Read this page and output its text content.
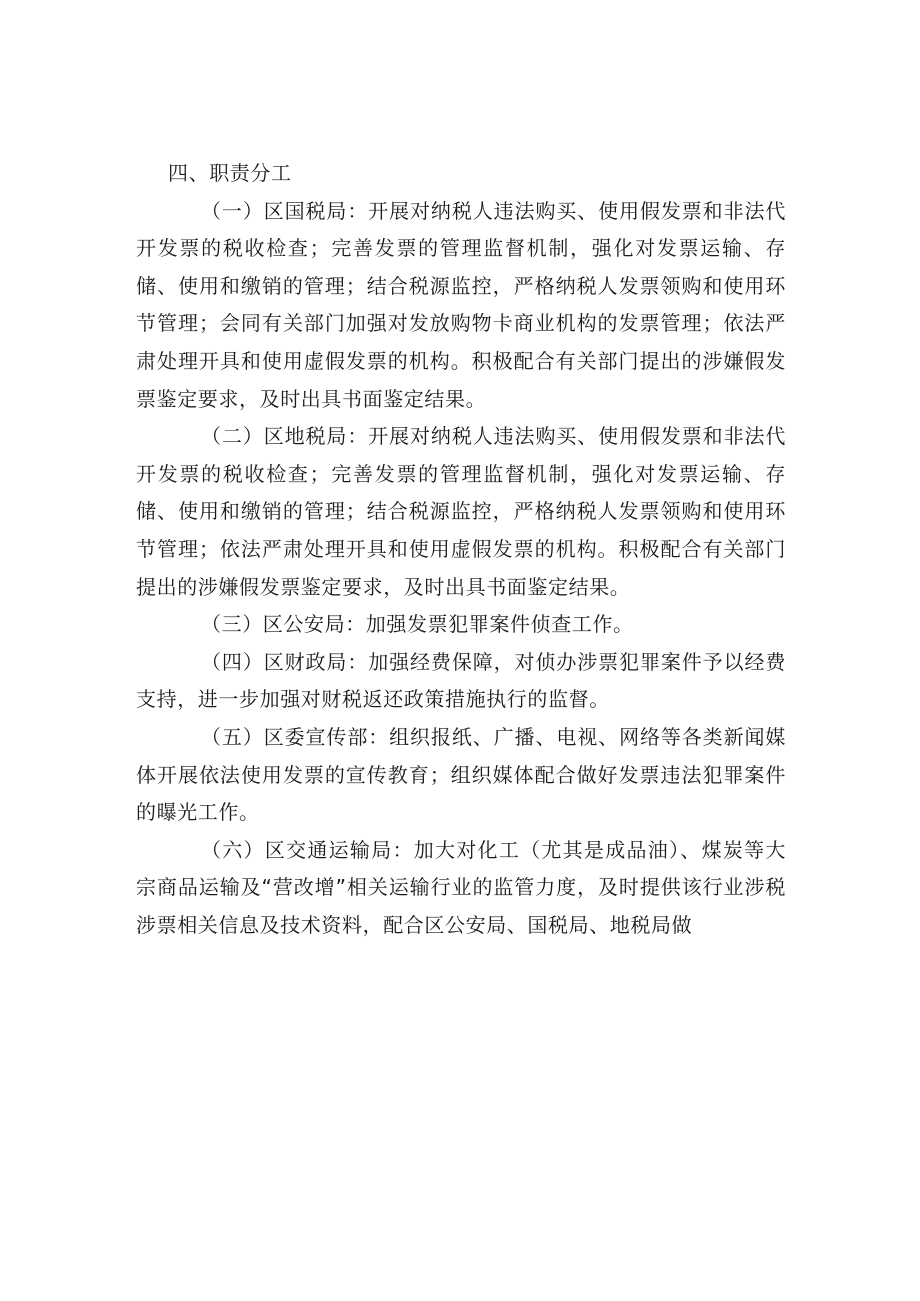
四、职责分工

（一）区国税局：开展对纳税人违法购买、使用假发票和非法代开发票的税收检查；完善发票的管理监督机制，强化对发票运输、存储、使用和缴销的管理；结合税源监控，严格纳税人发票领购和使用环节管理；会同有关部门加强对发放购物卡商业机构的发票管理；依法严肃处理开具和使用虚假发票的机构。积极配合有关部门提出的涉嫌假发票鉴定要求，及时出具书面鉴定结果。

（二）区地税局：开展对纳税人违法购买、使用假发票和非法代开发票的税收检查；完善发票的管理监督机制，强化对发票运输、存储、使用和缴销的管理；结合税源监控，严格纳税人发票领购和使用环节管理；依法严肃处理开具和使用虚假发票的机构。积极配合有关部门提出的涉嫌假发票鉴定要求，及时出具书面鉴定结果。

（三）区公安局：加强发票犯罪案件侦查工作。

（四）区财政局：加强经费保障，对侦办涉票犯罪案件予以经费支持，进一步加强对财税返还政策措施执行的监督。

（五）区委宣传部：组织报纸、广播、电视、网络等各类新闻媒体开展依法使用发票的宣传教育；组织媒体配合做好发票违法犯罪案件的曝光工作。

（六）区交通运输局：加大对化工（尤其是成品油）、煤炭等大宗商品运输及“营改增”相关运输行业的监管力度，及时提供该行业涉税涉票相关信息及技术资料，配合区公安局、国税局、地税局做
